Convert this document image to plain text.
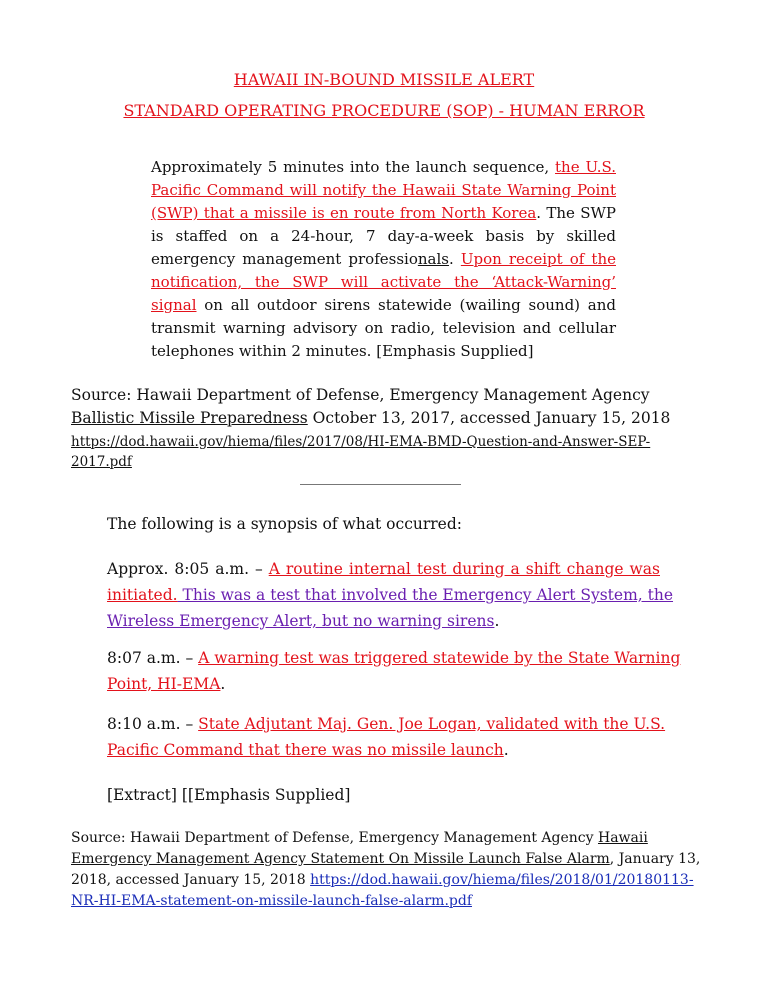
HAWAII IN-BOUND MISSILE ALERT
STANDARD OPERATING PROCEDURE (SOP) - HUMAN ERROR
Approximately 5 minutes into the launch sequence, the U.S.
Pacific Command will notify the Hawaii State Warning Point
(SWP) that a missile is en route from North Korea. The SWP
is staffed on a 24-hour, 7 day-a-week basis by skilled
emergency management professionals. Upon receipt of the
notification, the SWP will activate the ‘Attack-Warning’
signal on all outdoor sirens statewide (wailing sound) and
transmit warning advisory on radio, television and cellular
telephones within 2 minutes. [Emphasis Supplied]
Source: Hawaii Department of Defense, Emergency Management Agency
Ballistic Missile Preparedness October 13, 2017, accessed January 15, 2018
https://dod.hawaii.gov/hiema/files/2017/08/HI-EMA-BMD-Question-and-Answer-SEP-
2017.pdf
The following is a synopsis of what occurred:
Approx. 8:05 a.m. – A routine internal test during a shift change was
initiated. This was a test that involved the Emergency Alert System, the
Wireless Emergency Alert, but no warning sirens.
8:07 a.m. – A warning test was triggered statewide by the State Warning
Point, HI-EMA.
8:10 a.m. – State Adjutant Maj. Gen. Joe Logan, validated with the U.S.
Pacific Command that there was no missile launch.
[Extract] [[Emphasis Supplied]
Source: Hawaii Department of Defense, Emergency Management Agency Hawaii
Emergency Management Agency Statement On Missile Launch False Alarm, January 13,
2018, accessed January 15, 2018 https://dod.hawaii.gov/hiema/files/2018/01/20180113-
NR-HI-EMA-statement-on-missile-launch-false-alarm.pdf
